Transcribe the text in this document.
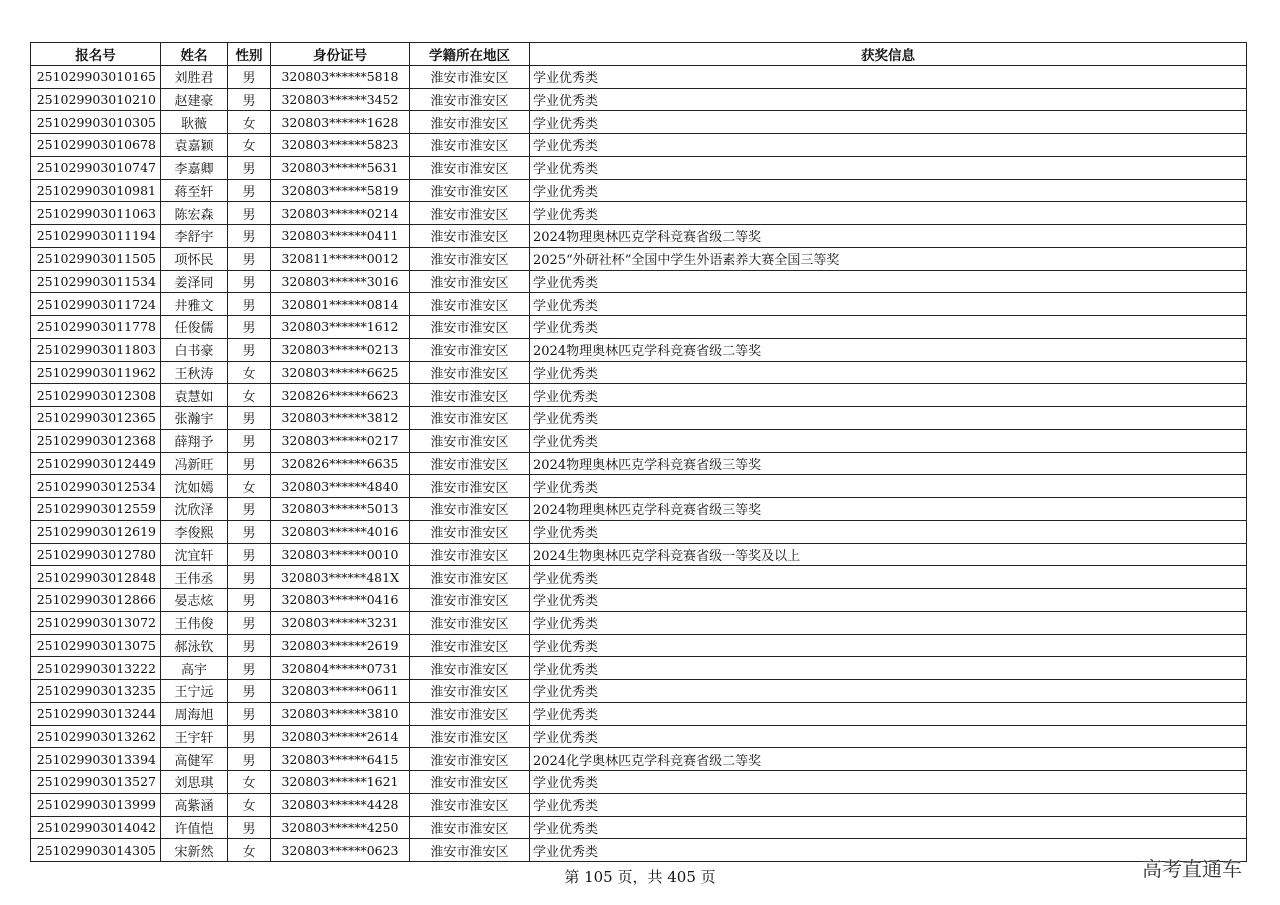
报名号	姓名	性别	身份证号	学籍所在地区	获奖信息
251029903010165	刘胜君	男	320803******5818	淮安市淮安区	学业优秀类
251029903010210	赵建豪	男	320803******3452	淮安市淮安区	学业优秀类
251029903010305	耿薇	女	320803******1628	淮安市淮安区	学业优秀类
251029903010678	袁嘉颖	女	320803******5823	淮安市淮安区	学业优秀类
251029903010747	李嘉卿	男	320803******5631	淮安市淮安区	学业优秀类
251029903010981	蒋至轩	男	320803******5819	淮安市淮安区	学业优秀类
251029903011063	陈宏森	男	320803******0214	淮安市淮安区	学业优秀类
251029903011194	李舒宇	男	320803******0411	淮安市淮安区	2024物理奥林匹克学科竞赛省级二等奖
251029903011505	项怀民	男	320811******0012	淮安市淮安区	2025“外研社杯”全国中学生外语素养大赛全国三等奖
251029903011534	姜泽同	男	320803******3016	淮安市淮安区	学业优秀类
251029903011724	井雅文	男	320801******0814	淮安市淮安区	学业优秀类
251029903011778	任俊儒	男	320803******1612	淮安市淮安区	学业优秀类
251029903011803	白书豪	男	320803******0213	淮安市淮安区	2024物理奥林匹克学科竞赛省级二等奖
251029903011962	王秋涛	女	320803******6625	淮安市淮安区	学业优秀类
251029903012308	袁慧如	女	320826******6623	淮安市淮安区	学业优秀类
251029903012365	张瀚宇	男	320803******3812	淮安市淮安区	学业优秀类
251029903012368	薛翔予	男	320803******0217	淮安市淮安区	学业优秀类
251029903012449	冯新旺	男	320826******6635	淮安市淮安区	2024物理奥林匹克学科竞赛省级三等奖
251029903012534	沈如嫣	女	320803******4840	淮安市淮安区	学业优秀类
251029903012559	沈欣泽	男	320803******5013	淮安市淮安区	2024物理奥林匹克学科竞赛省级三等奖
251029903012619	李俊熙	男	320803******4016	淮安市淮安区	学业优秀类
251029903012780	沈宜轩	男	320803******0010	淮安市淮安区	2024生物奥林匹克学科竞赛省级一等奖及以上
251029903012848	王伟丞	男	320803******481X	淮安市淮安区	学业优秀类
251029903012866	晏志炫	男	320803******0416	淮安市淮安区	学业优秀类
251029903013072	王伟俊	男	320803******3231	淮安市淮安区	学业优秀类
251029903013075	郝泳钦	男	320803******2619	淮安市淮安区	学业优秀类
251029903013222	高宇	男	320804******0731	淮安市淮安区	学业优秀类
251029903013235	王宁远	男	320803******0611	淮安市淮安区	学业优秀类
251029903013244	周海旭	男	320803******3810	淮安市淮安区	学业优秀类
251029903013262	王宇轩	男	320803******2614	淮安市淮安区	学业优秀类
251029903013394	高健军	男	320803******6415	淮安市淮安区	2024化学奥林匹克学科竞赛省级二等奖
251029903013527	刘思琪	女	320803******1621	淮安市淮安区	学业优秀类
251029903013999	高紫涵	女	320803******4428	淮安市淮安区	学业优秀类
251029903014042	许值恺	男	320803******4250	淮安市淮安区	学业优秀类
251029903014305	宋新然	女	320803******0623	淮安市淮安区	学业优秀类
第 105 页，共 405 页	高考直通车
